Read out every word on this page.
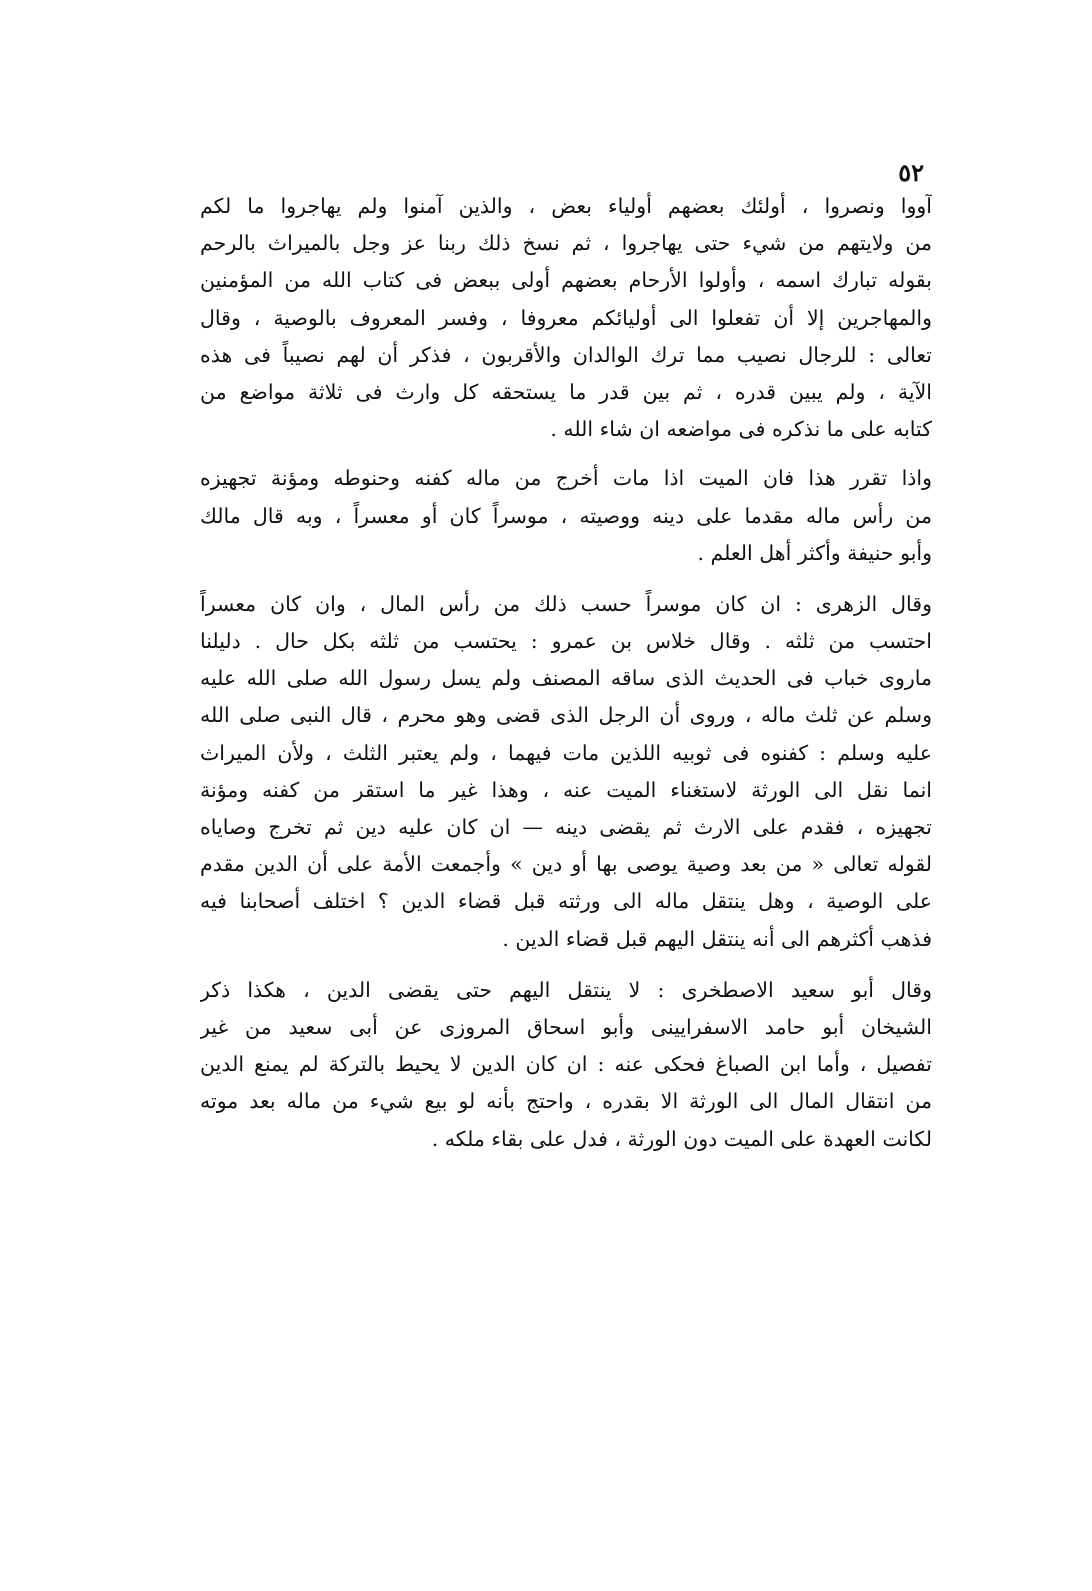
٥٢
آووا ونصروا ، أولئك بعضهم أولياء بعض ، والذين آمنوا ولم يهاجروا ما لكم
من ولايتهم من شيء حتى يهاجروا ، ثم نسخ ذلك ربنا عز وجل بالميراث بالرحم
بقوله تبارك اسمه ، وأولوا الأرحام بعضهم أولى ببعض فى كتاب الله من المؤمنين
والمهاجرين إلا أن تفعلوا الى أوليائكم معروفا ، وفسر المعروف بالوصية ، وقال
تعالى : للرجال نصيب مما ترك الوالدان والأقربون ، فذكر أن لهم نصيباً فى هذه
الآية ، ولم يبين قدره ، ثم بين قدر ما يستحقه كل وارث فى ثلاثة مواضع من
كتابه على ما نذكره فى مواضعه ان شاء الله .
واذا تقرر هذا فان الميت اذا مات أخرج من ماله كفنه وحنوطه ومؤنة تجهيزه
من رأس ماله مقدما على دينه ووصيته ، موسراً كان أو معسراً ، وبه قال مالك
وأبو حنيفة وأكثر أهل العلم .
وقال الزهرى : ان كان موسراً حسب ذلك من رأس المال ، وان كان معسراً
احتسب من ثلثه . وقال خلاس بن عمرو : يحتسب من ثلثه بكل حال . دليلنا
ماروى خباب فى الحديث الذى ساقه المصنف ولم يسل رسول الله صلى الله عليه
وسلم عن ثلث ماله ، وروى أن الرجل الذى قضى وهو محرم ، قال النبى صلى الله
عليه وسلم : كفنوه فى ثوبيه اللذين مات فيهما ، ولم يعتبر الثلث ، ولأن الميراث
انما نقل الى الورثة لاستغناء الميت عنه ، وهذا غير ما استقر من كفنه ومؤنة
تجهيزه ، فقدم على الارث ثم يقضى دينه — ان كان عليه دين ثم تخرج وصاياه
لقوله تعالى « من بعد وصية يوصى بها أو دين » وأجمعت الأمة على أن الدين مقدم
على الوصية ، وهل ينتقل ماله الى ورثته قبل قضاء الدين ؟ اختلف أصحابنا فيه
فذهب أكثرهم الى أنه ينتقل اليهم قبل قضاء الدين .
وقال أبو سعيد الاصطخرى : لا ينتقل اليهم حتى يقضى الدين ، هكذا ذكر
الشيخان أبو حامد الاسفرايينى وأبو اسحاق المروزى عن أبى سعيد من غير
تفصيل ، وأما ابن الصباغ فحكى عنه : ان كان الدين لا يحيط بالتركة لم يمنع الدين
من انتقال المال الى الورثة الا بقدره ، واحتج بأنه لو بيع شيء من ماله بعد موته
لكانت العهدة على الميت دون الورثة ، فدل على بقاء ملكه .
